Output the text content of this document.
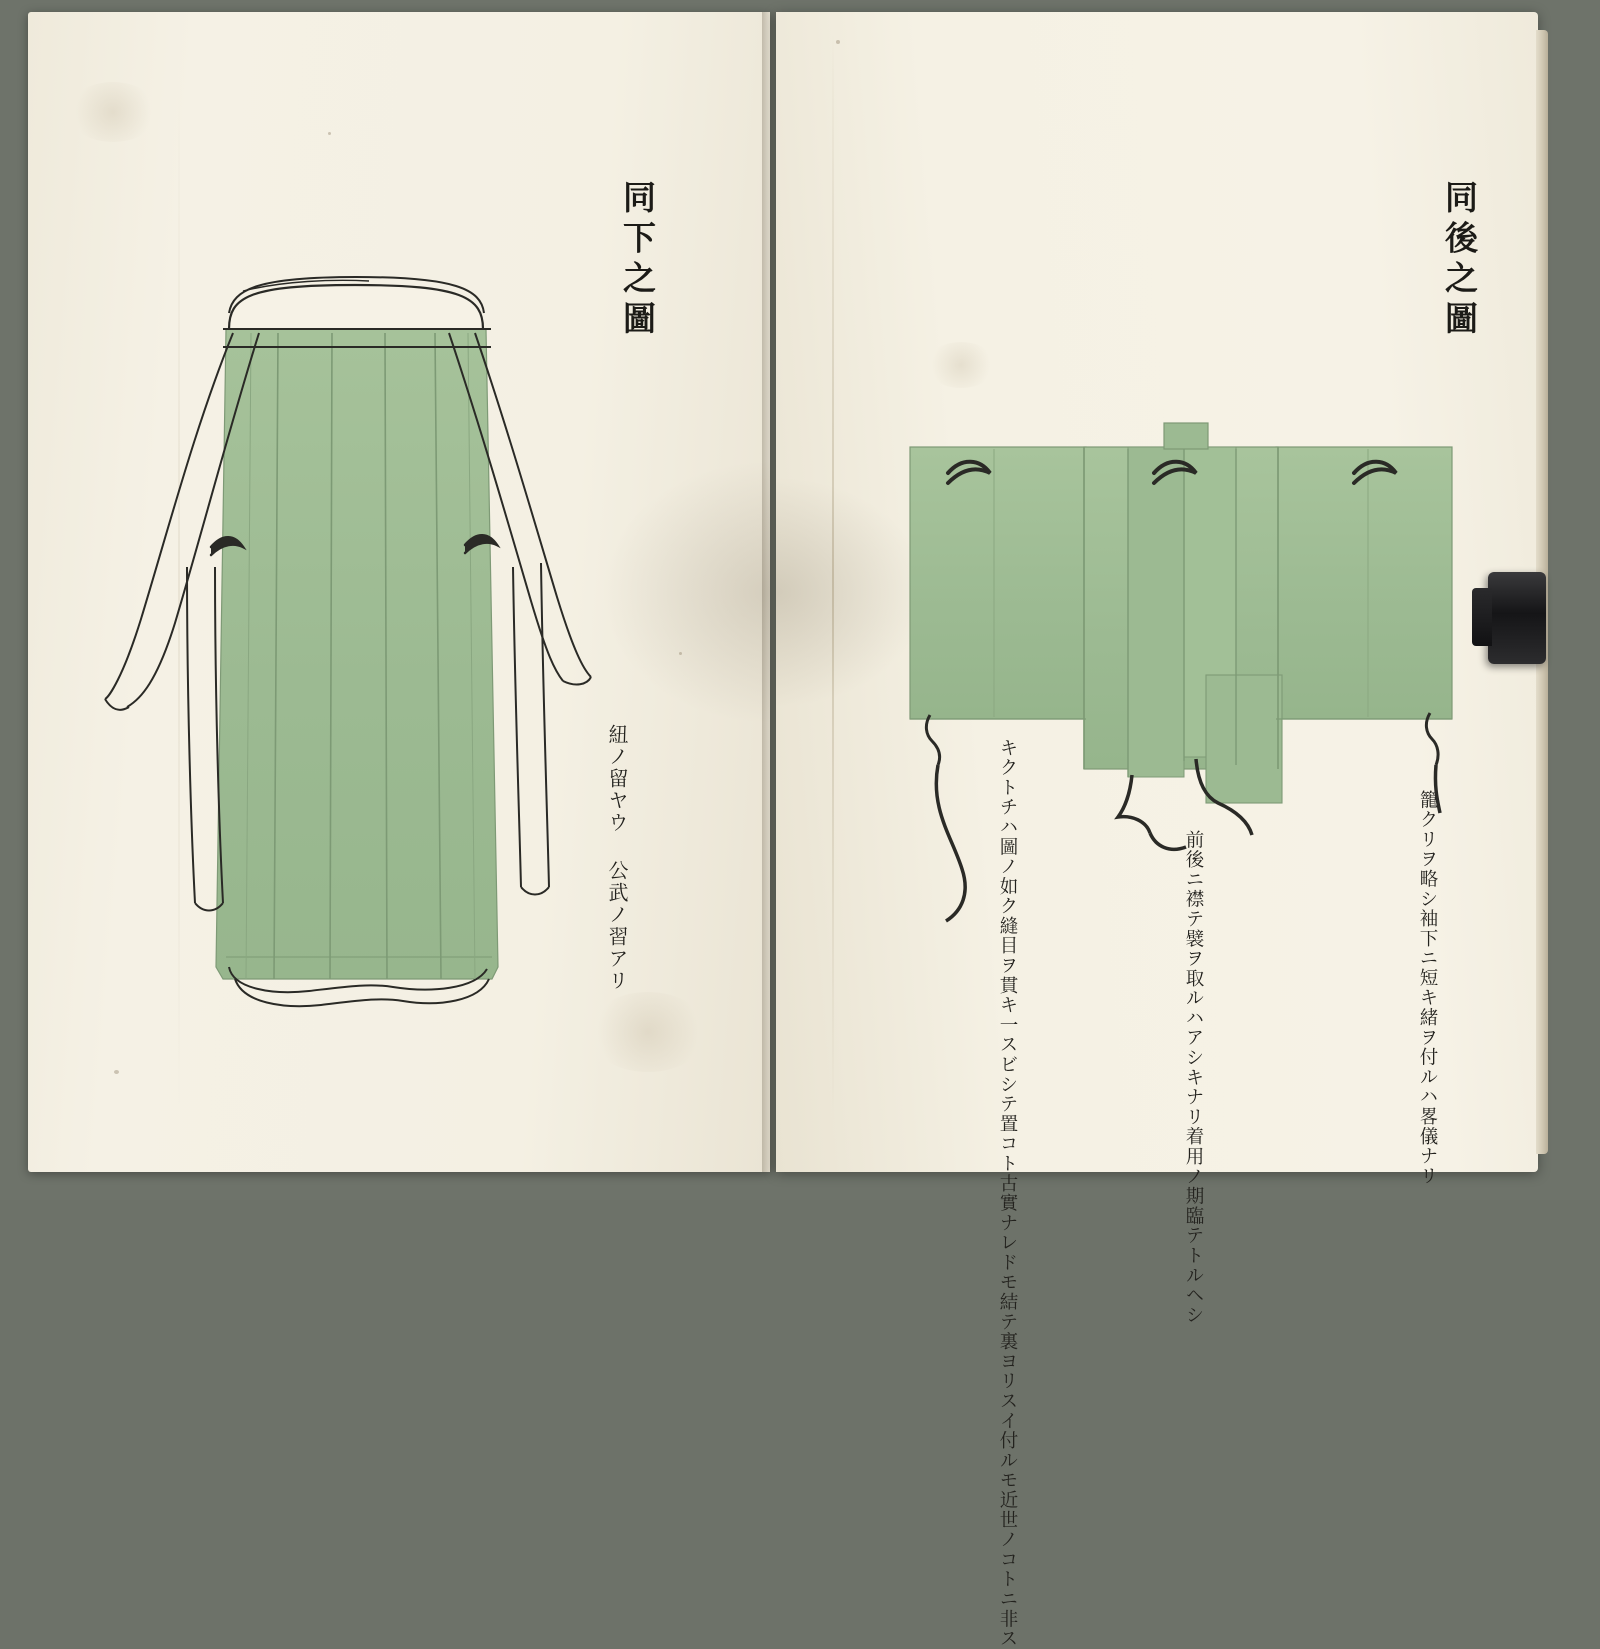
同下之圖
紐ノ留ヤウ 公武ノ習アリ
同後之圖
籠クリヲ略シ袖下ニ短キ緒ヲ付ルハ畧儀ナリ
前後ニ襟テ襞ヲ取ルハアシキナリ着用ノ期臨テトルヘシ
キクトチハ圖ノ如ク縫目ヲ貫キ一スビシテ置コト古實ナレドモ結テ裏ヨリスイ付ルモ近世ノコトニ非ス
